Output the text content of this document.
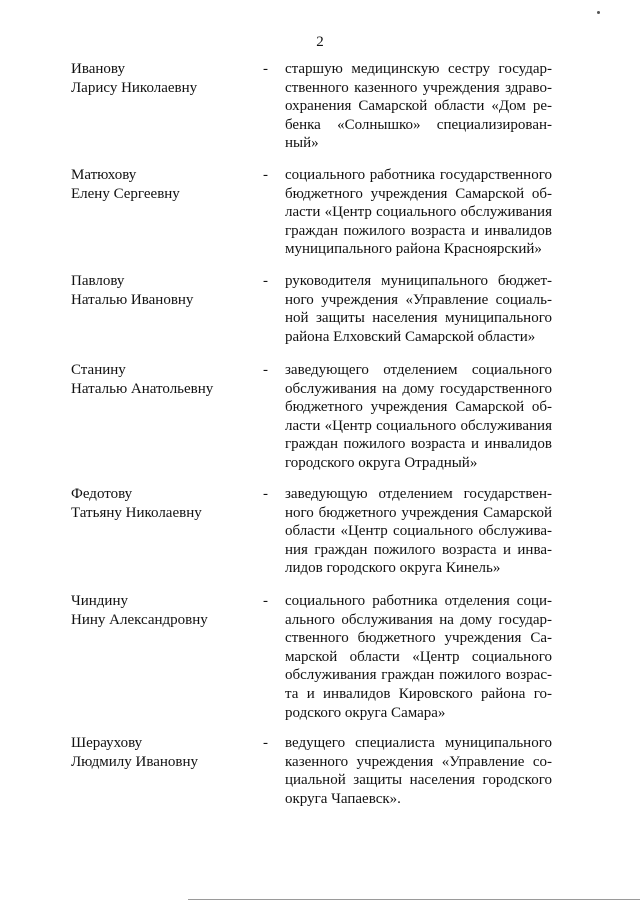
2
Иванову
Ларису Николаевну
- старшую медицинскую сестру государ-
ственного казенного учреждения здраво-
охранения Самарской области «Дом ре-
бенка «Солнышко» специализирован-
ный»
Матюхову
Елену Сергеевну
- социального работника государственного
бюджетного учреждения Самарской об-
ласти «Центр социального обслуживания
граждан пожилого возраста и инвалидов
муниципального района Красноярский»
Павлову
Наталью Ивановну
- руководителя муниципального бюджет-
ного учреждения «Управление социаль-
ной защиты населения муниципального
района Елховский Самарской области»
Станину
Наталью Анатольевну
- заведующего отделением социального
обслуживания на дому государственного
бюджетного учреждения Самарской об-
ласти «Центр социального обслуживания
граждан пожилого возраста и инвалидов
городского округа Отрадный»
Федотову
Татьяну Николаевну
- заведующую отделением государствен-
ного бюджетного учреждения Самарской
области «Центр социального обслужива-
ния граждан пожилого возраста и инва-
лидов городского округа Кинель»
Чиндину
Нину Александровну
- социального работника отделения соци-
ального обслуживания на дому государ-
ственного бюджетного учреждения Са-
марской области «Центр социального
обслуживания граждан пожилого возрас-
та и инвалидов Кировского района го-
родского округа Самара»
Шераухову
Людмилу Ивановну
- ведущего специалиста муниципального
казенного учреждения «Управление со-
циальной защиты населения городского
округа Чапаевск».
